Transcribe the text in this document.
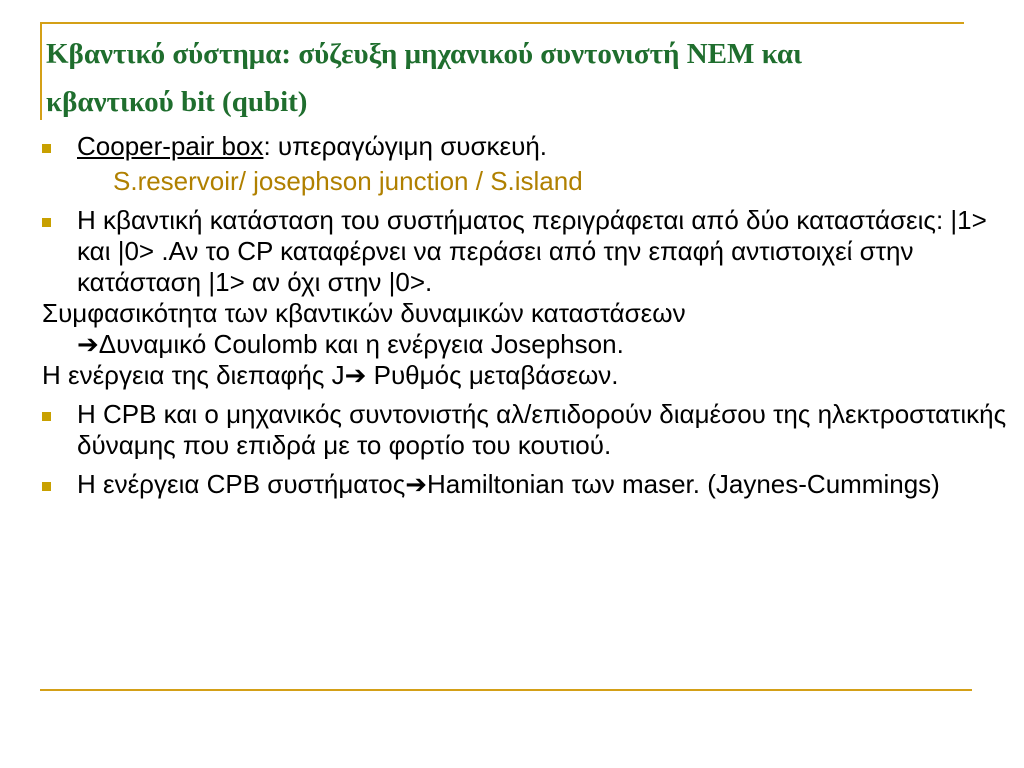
Κβαντικό σύστημα: σύζευξη μηχανικού συντονιστή NEM και
κβαντικού bit (qubit)
Cooper-pair box: υπεραγώγιμη συσκευή.
S.reservoir/ josephson junction / S.island
Η κβαντική κατάσταση του συστήματος περιγράφεται από δύο καταστάσεις: |1> και |0> .Αν το CP καταφέρνει να περάσει από την επαφή αντιστοιχεί στην κατάσταση |1> αν όχι στην |0>.
Συμφασικότητα των κβαντικών δυναμικών καταστάσεων
➔Δυναμικό Coulomb και η ενέργεια Josephson.
Η ενέργεια της διεπαφής J➔ Ρυθμός μεταβάσεων.
Η CPB και ο μηχανικός συντονιστής αλ/επιδορούν διαμέσου της ηλεκτροστατικής δύναμης που επιδρά με το φορτίο του κουτιού.
Η ενέργεια CPB συστήματος➔Hamiltonian των maser. (Jaynes-Cummings)
